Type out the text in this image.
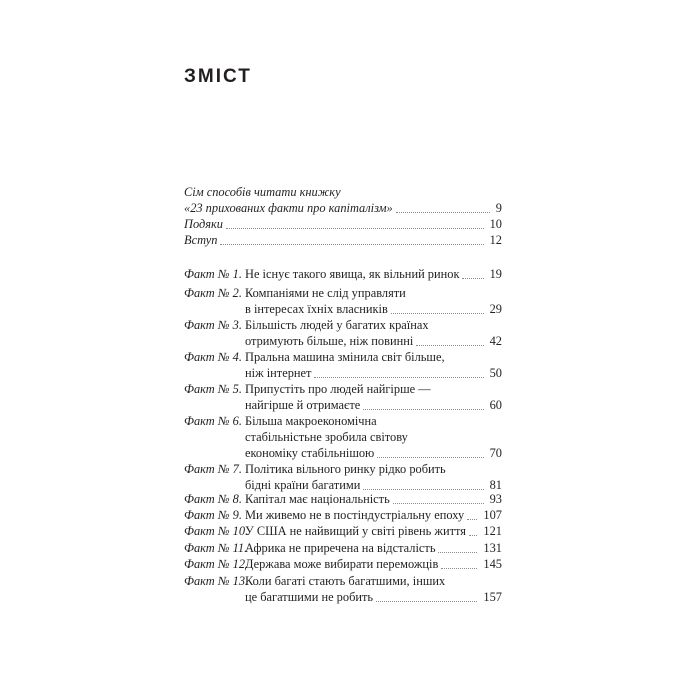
ЗМІСТ
Сім способів читати книжку
«23 прихованих факти про капіталізм»	9
Подяки	10
Вступ	12
Факт № 1. Не існує такого явища, як вільний ринок 19
Факт № 2. Компаніями не слід управляти
в інтересах їхніх власників	29
Факт № 3. Більшість людей у багатих країнах
отримують більше, ніж повинні	42
Факт № 4. Пральна машина змінила світ більше,
ніж інтернет	50
Факт № 5. Припустіть про людей найгірше —
найгірше й отримаєте	60
Факт № 6. Більша макроекономічна
стабільністьне зробила світову
економіку стабільнішою	70
Факт № 7. Політика вільного ринку рідко робить
бідні країни багатими	81
Факт № 8. Капітал має національність	93
Факт № 9. Ми живемо не в постіндустріальну епоху 107
Факт № 10.
У США не найвищий у світі рівень життя 121
Факт № 11.
Африка не приречена на відсталість	131
Факт № 12.
Держава може вибирати переможців	145
Факт № 13.
Коли багаті стають багатшими, інших
це багатшими не робить	157
